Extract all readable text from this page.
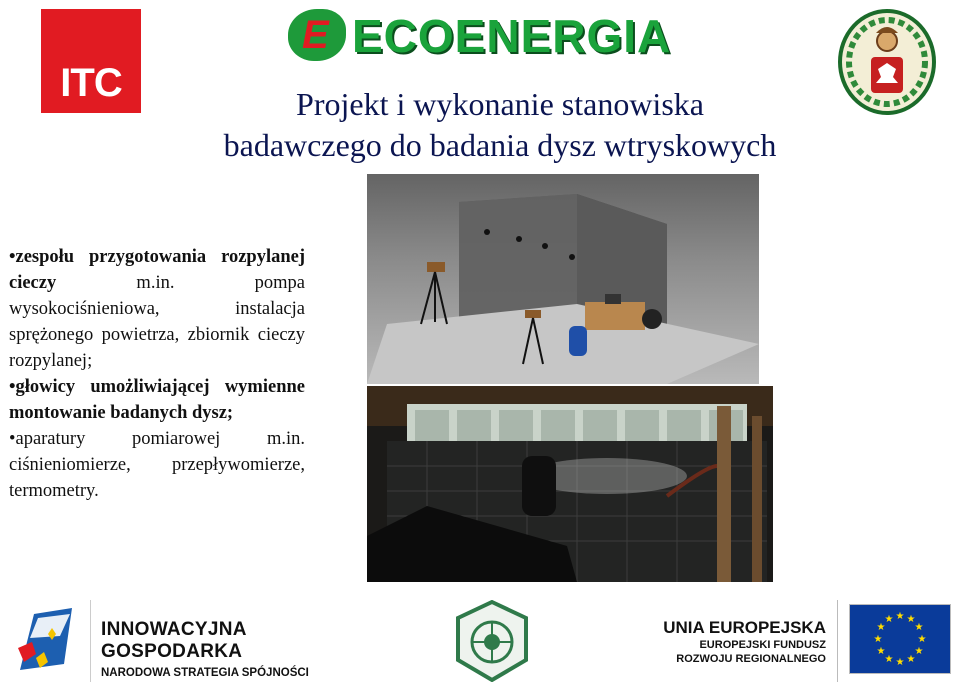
ITC
E ECOENERGIA
Projekt i wykonanie stanowiska
badawczego do badania dysz wtryskowych

•zespołu przygotowania rozpylanej cieczy m.in. pompa wysokociśnieniowa, instalacja sprężonego powietrza, zbiornik cieczy rozpylanej;

•głowicy umożliwiającej wymienne montowanie badanych dysz;

•aparatury pomiarowej m.in. ciśnieniomierze, przepływomierze, termometry.

INNOWACYJNA
GOSPODARKA
NARODOWA STRATEGIA SPÓJNOŚCI
UNIA EUROPEJSKA
EUROPEJSKI FUNDUSZ
ROZWOJU REGIONALNEGO
★ ★
★
★
★
★
★
★
★
★
★
★
